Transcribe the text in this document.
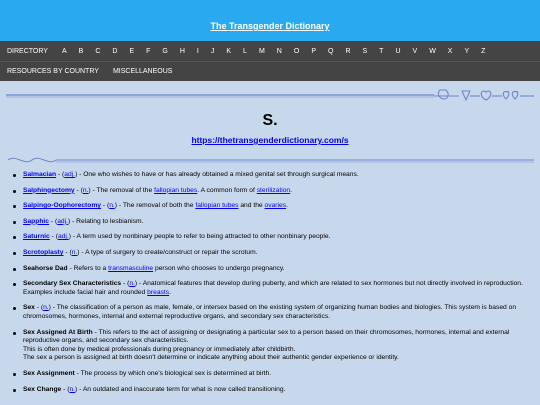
The Transgender Dictionary
DIRECTORY A B C D E F G H I J K L M N O P Q R S T U V W X Y Z
RESOURCES BY COUNTRY MISCELLANEOUS
S.
https://thetransgenderdictionary.com/s
Salmacian - (adj.) - One who wishes to have or has already obtained a mixed genital set through surgical means.
Salphingectomy - (n.) - The removal of the fallopian tubes. A common form of sterilization.
Salpingo-Oophorectomy - (n.) - The removal of both the fallopian tubes and the ovaries.
Sapphic - (adj.) - Relating to lesbianism.
Saturnic - (adj.) - A term used by nonbinary people to refer to being attracted to other nonbinary people.
Scrotoplasty - (n.) - A type of surgery to create/construct or repair the scrotum.
Seahorse Dad - Refers to a transmasculine person who chooses to undergo pregnancy.
Secondary Sex Characteristics - (n.) - Anatomical features that develop during puberty, and which are related to sex hormones but not directly involved in reproduction. Examples include facial hair and rounded breasts.
Sex - (n.) - The classification of a person as male, female, or intersex based on the existing system of organizing human bodies and biologies. This system is based on chromosomes, hormones, internal and external reproductive organs, and secondary sex characteristics.
Sex Assigned At Birth - This refers to the act of assigning or designating a particular sex to a person based on their chromosomes, hormones, internal and external reproductive organs, and secondary sex characteristics.
This is often done by medical professionals during pregnancy or immediately after childbirth.
The sex a person is assigned at birth doesn't determine or indicate anything about their authentic gender experience or identity.
Sex Assignment - The process by which one's biological sex is determined at birth.
Sex Change - (n.) - An outdated and inaccurate term for what is now called transitioning.
